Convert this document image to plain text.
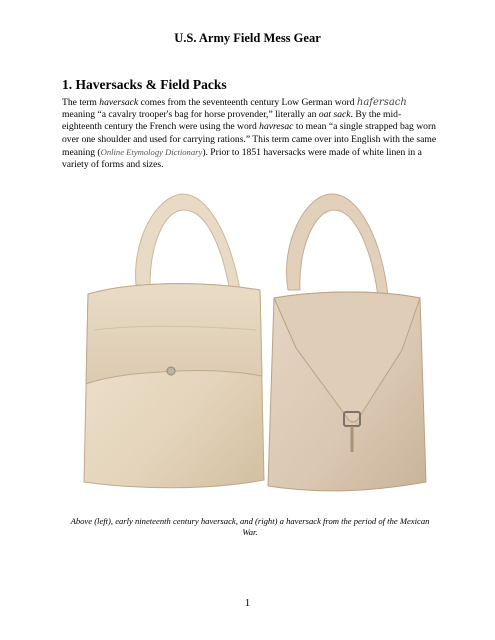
U.S. Army Field Mess Gear
1. Haversacks & Field Packs
The term haversack comes from the seventeenth century Low German word hafersach meaning “a cavalry trooper's bag for horse provender,” literally an oat sack. By the mid-eighteenth century the French were using the word havresac to mean “a single strapped bag worn over one shoulder and used for carrying rations.” This term came over into English with the same meaning (Online Etymology Dictionary). Prior to 1851 haversacks were made of white linen in a variety of forms and sizes.
Above (left), early nineteenth century haversack, and (right) a haversack from the period of the Mexican War.
1
